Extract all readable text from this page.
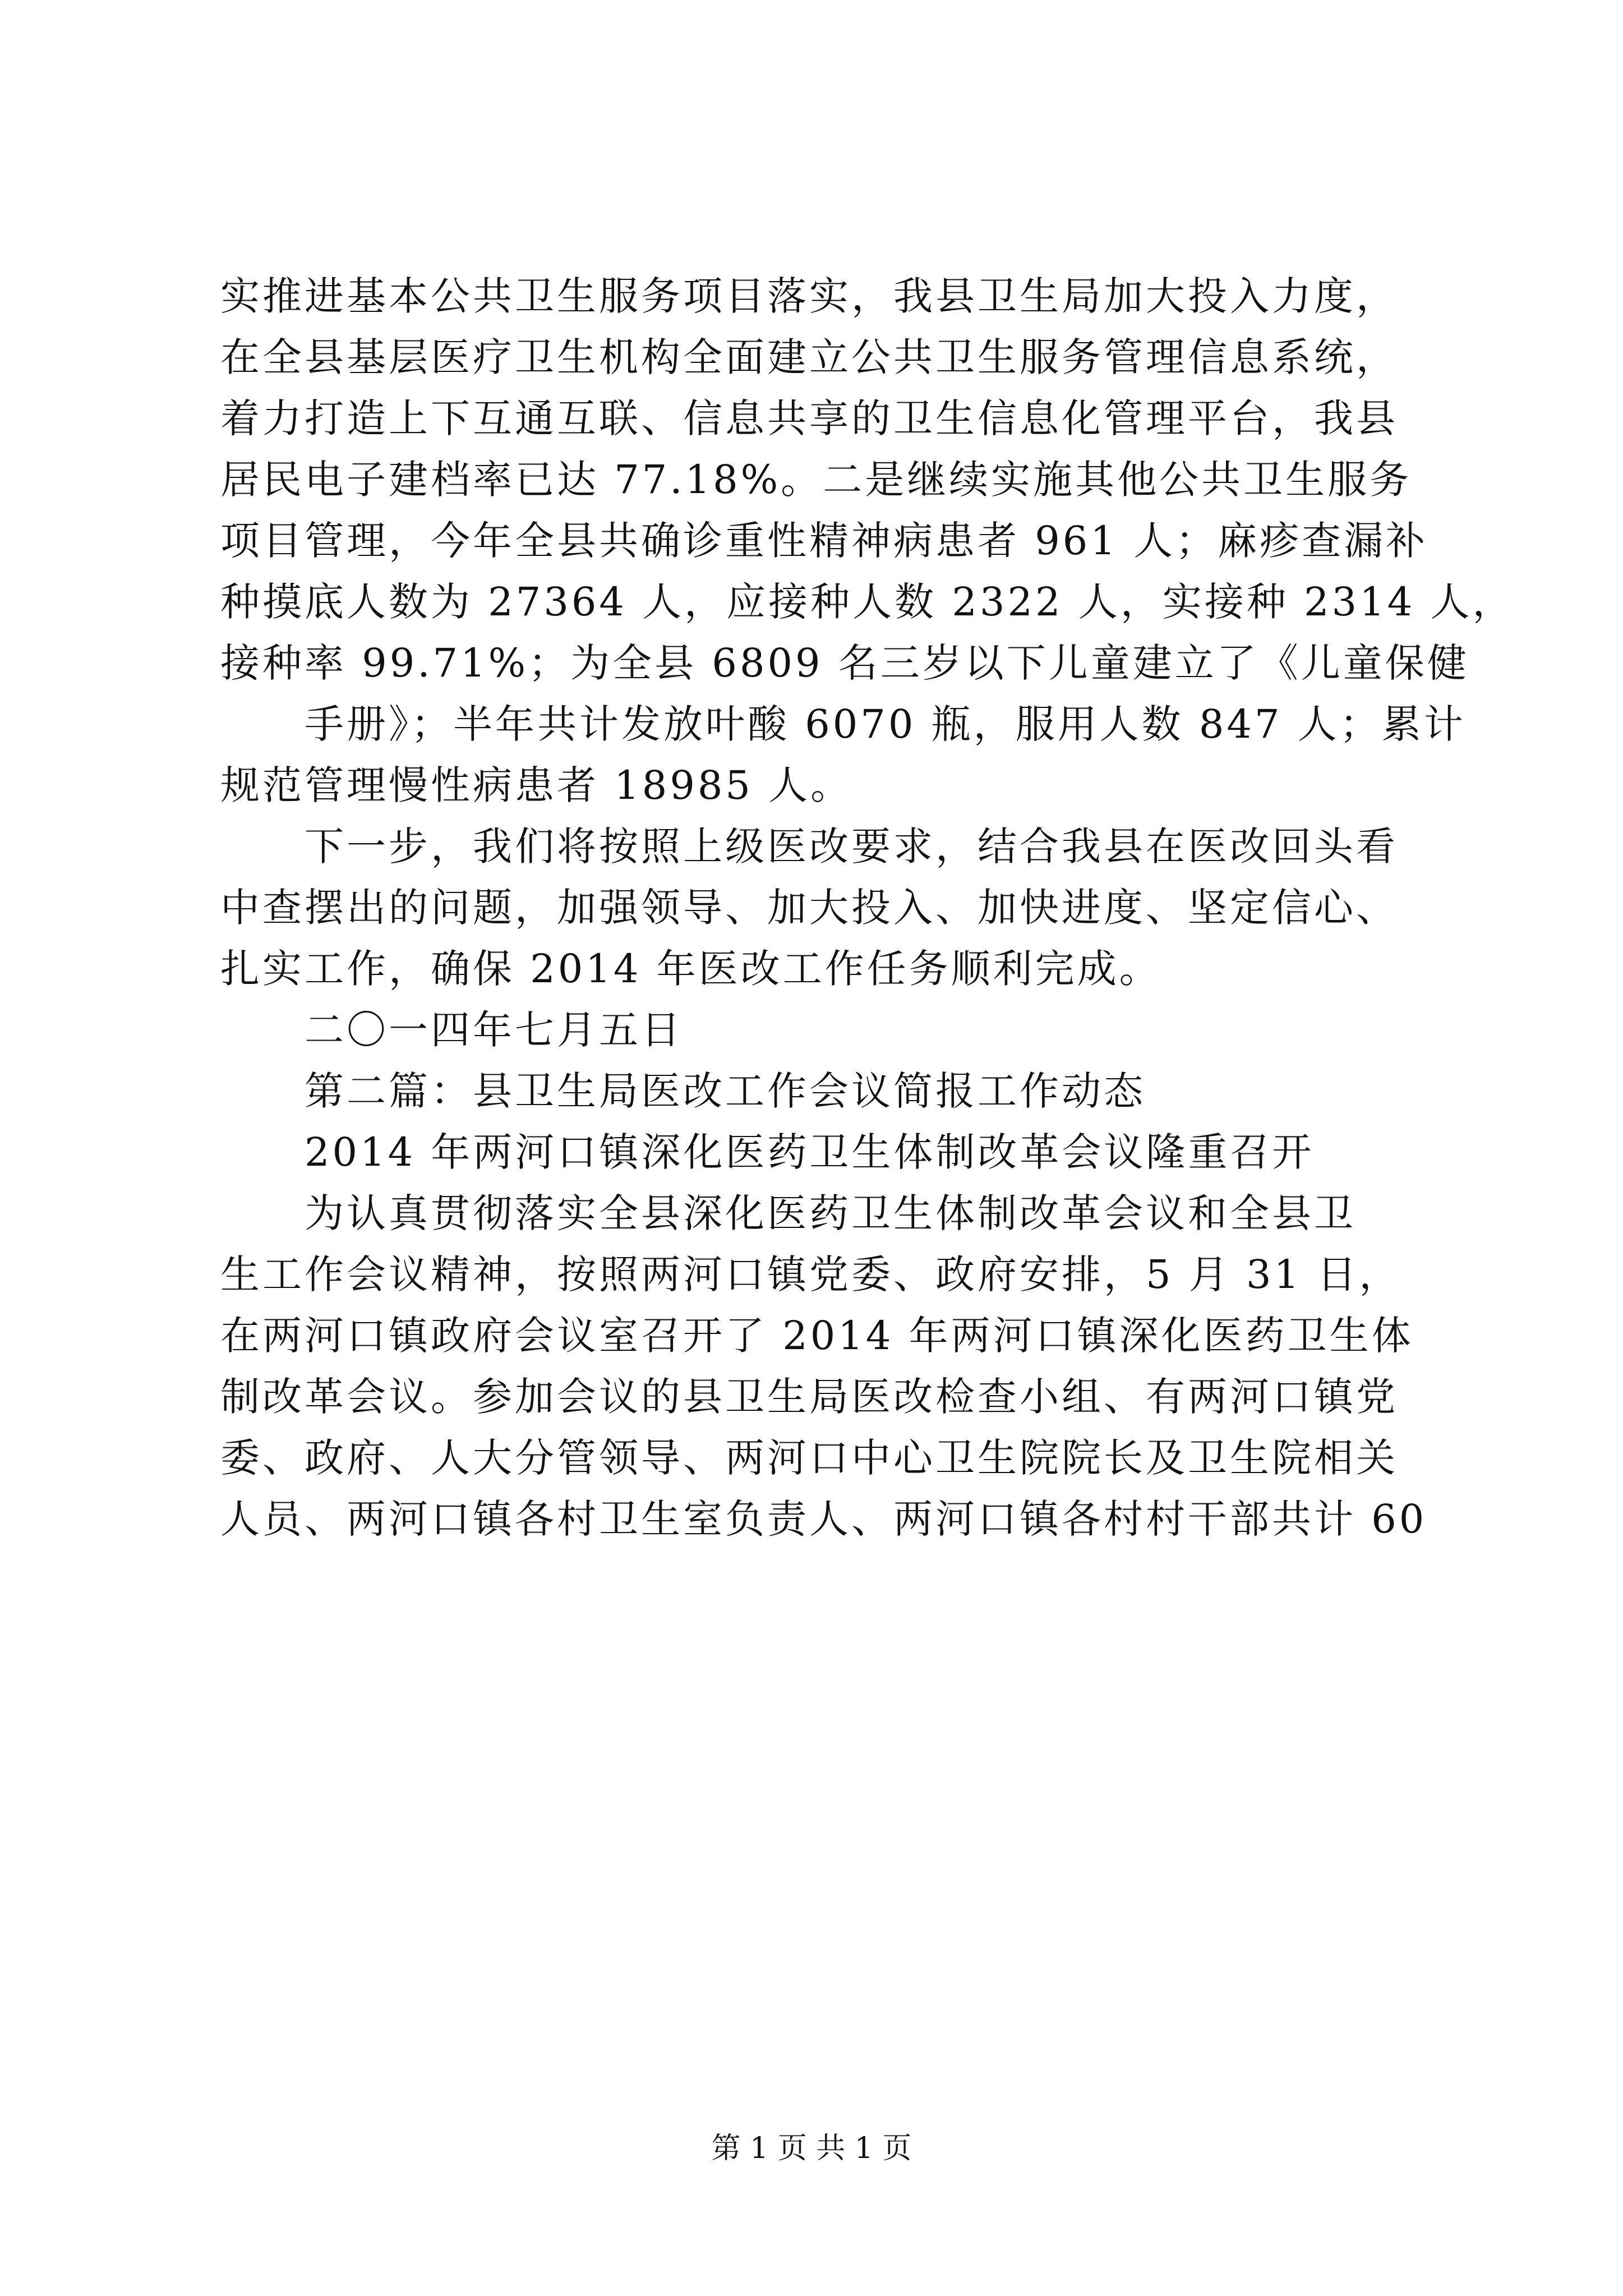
实推进基本公共卫生服务项目落实，我县卫生局加大投入力度，
在全县基层医疗卫生机构全面建立公共卫生服务管理信息系统，
着力打造上下互通互联、信息共享的卫生信息化管理平台，我县
居民电子建档率已达 77.18%。二是继续实施其他公共卫生服务
项目管理，今年全县共确诊重性精神病患者 961 人；麻疹查漏补
种摸底人数为 27364 人，应接种人数 2322 人，实接种 2314 人，
接种率 99.71%；为全县 6809 名三岁以下儿童建立了《儿童保健
手册》；半年共计发放叶酸 6070 瓶，服用人数 847 人；累计
规范管理慢性病患者 18985 人。
下一步，我们将按照上级医改要求，结合我县在医改回头看
中查摆出的问题，加强领导、加大投入、加快进度、坚定信心、
扎实工作，确保 2014 年医改工作任务顺利完成。
二〇一四年七月五日
第二篇：县卫生局医改工作会议简报工作动态
2014 年两河口镇深化医药卫生体制改革会议隆重召开
为认真贯彻落实全县深化医药卫生体制改革会议和全县卫
生工作会议精神，按照两河口镇党委、政府安排，5 月 31 日，
在两河口镇政府会议室召开了 2014 年两河口镇深化医药卫生体
制改革会议。参加会议的县卫生局医改检查小组、有两河口镇党
委、政府、人大分管领导、两河口中心卫生院院长及卫生院相关
人员、两河口镇各村卫生室负责人、两河口镇各村村干部共计 60
第 1 页 共 1 页
